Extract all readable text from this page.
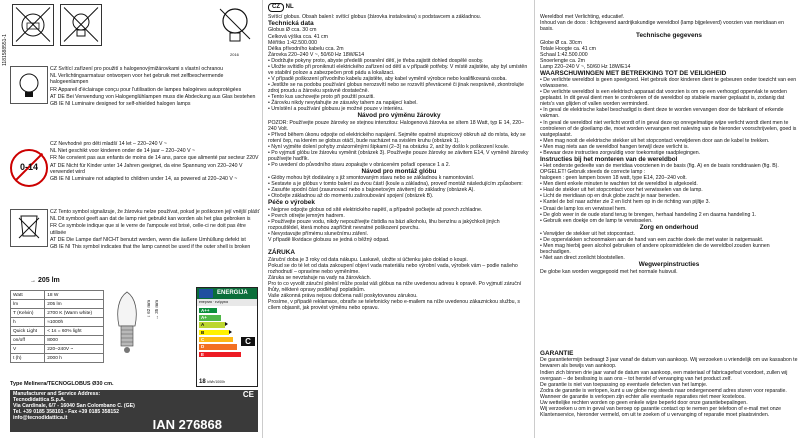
1181588551-1	2016

CZ Svítící zařízení pro použití s halogenovýmižárovkami s vlastní ochranou

NL Verlichtingsarmatuur ontworpen voor het gebruik met zelfbeschermende halogeenlampen

FR Appareil d'éclairage conçu pour l'utilisation de lampes halogènes autoprotégées

AT DE Bei Verwendung von Halogenglühlampen muss die Abdeckung aus Glas bestehen

GB IE NI Luminaire designed for self-shielded halogen lamps

0-14

CZ Nevhodné pro děti mladší 14 let – 220–240 V ~

NL Niet geschikt voor kinderen onder de 14 jaar – 220–240 V ~

FR Ne convient pas aux enfants de moins de 14 ans, parce que alimenté par secteur 220V

AT DE Nicht für Kinder unter 14 Jahren geeignet, da eine Spannung von 220–240 V verwendet wird

GB IE NI Luminaire not adapted to children under 14, as powered at 220–240 V ~

CZ Tento symbol signalizuje, že žárovku nelze používat, pokud je poškozen její vnější plášť

NL Dit symbool geeft aan dat de lamp niet gebruikt kan worden als het glas gebroken is

FR Ce symbole indique que si le verre de l'ampoule est brisé, celle-ci ne doit pas être utilisée

AT DE Die Lampe darf NICHT benutzt werden, wenn die äußere Umhüllung defekt ist

GB IE NI This symbol indicates that the lamp cannot be used if the outer shell is broken

→ 205 lm
Watt	18 W
lm	205 lm
T (Kelvin)	2700 K (Warm white)
h	≈1000h
Quick Light	< 1s = 60% light
on/off	8000
V	220–240V ~
t (h)	2000 h
↕ 62 mm ↔ 35 mm
ENERGIJA
енергия · ενέργεια
A++
A+
A
B
C	C
D
E
18 kWh/1000h
Type Melinera/TECNOGLOBUS Ø30 cm.
Manufacturer and Service Address:
Tecnodidattica S.p.A.
Via Cardinale, 6/7 - 16040 San Colombano C. (GE)
Tel. +39 0185 358101 - Fax +39 0185 358152
info@tecnodidattica.it	IAN 276868
CE
CZ NL

Svítící globus. Obsah balení: svítící globus (žárovka instalována) s podstavcem a základnou.

Technická data

Globus Ø cca. 30 cm

Celková výška cca. 41 cm

Měřítko 1:42.500.000

Délka přívodního kabelu cca. 2m

Žárovka 220–240 V ~, 50/60 Hz 18W/E14

• Dodržujte pokyny proto, abyste předešli poranění dětí, je třeba zajistit dohled dospělé osoby.

• Uložte svítidlo při proniknutí elektrického zařízení od dětí a v případě potřeby. V místě zajistěte, aby byl umístěn ve stabilní poloze a zabezpečen proti pádu a lokalizaci.

• V případě poškození přívodního kabelu zajistěte, aby kabel vyměnil výrobce nebo kvalifikovaná osoba.

• Jestliže se na podobu používání globus nerozsvítí nebo se rozsvítí převrácené či jinak nesprávně, zkontrolujte zdroj proudu a žárovku správně dostatečně.

• Tento kus uschovejte proto při použití pouziti.

• Žárovku nikdy nevytahujte ze zásuvky tahem za napájecí kabel.

• Umístění a používání globusu je možné pouze v interiéru.

Návod pro výměnu žárovky

POZOR: Používejte pouze žárovky se stejnou intenzitou: Halogenová žárovka se sítem 18 Watt, typ E 14, 220–240 Volt.

• Přívod během úkonu odpojte od elektrického napájení. Sejměte opatrně stupnicový obkruh až do místa, kdy se rotení čep, na kterém se globus otáčí, bude nacházet na svislém kruhu (obrázek 1).

• Nyní vyjměte dolení pohyby znázorněnými šipkami (2–3) na obrázku 2, anž by došlo k poškození koule.

• Po vyjmutí glóbu lze žárovku vyměnit (obrázek 3). Používejte pouze žárovky se závitem E14, V vyměně žárovky používejte hadřík.

• Po uvedení do původního stavu zopakujte v obráceném pořadí operace 1 a 2.

Návod pro montáž glóbu

• Glóby mohou být dodávány s již smontovaným stavu nebo se základnou k namontování.

• Sestavte a je glóbus v tomto balení za dvou částí (koule a základna), proveď montáž následujícím způsobem:

• Zasuňte spodní část (zasunovací nebo s bajonetovým závitem) do základny (obrázek A).

• Otočejte základnou až do momentu zašroubování spojení (obrázek B).

Péče o výrobek

• Nejprve odpojte globus od sítě elektrického napětí, a případně počkejte až povrch zchladne.

• Povrch otírejte jemným hadrem.

• Používejte pouze vodu, nikdy nepoužívejte čistidla na bázi alkoholu, lihu benzínu a jakýchkoli jiných rozpouštědel, která mohou zapříčinit nevratné poškození povrchu.

• Nevystavujte přímému slunečnímu záření.

V případě likvidace globusu se jedná o běžný odpad.

ZÁRUKA

Záruční doba je 3 roky od data nákupu. Laskavě, uložte si účtenku jako doklad o koupi.

Pokud se do té let od data zakoupení objeví vada materiálu nebo výrobní vada, výrobek vám – podle našeho rozhodnutí – opravíme nebo vyměníme.

Záruka se nevztahuje na vady na žárovkách.

Pro to co vyvolit záruční plnění může poslat váš glóbus na níže uvedenou adresu k opravě. Po vyjmutí záruční lhůty, některé opravy podléhají poplatkům.

Vaše zákonná práva nejsou dotčena naší poskytovanou zárukou.

Prosíme, v případě reklamace, obraťte se telefonicky nebo e-mailem na níže uvedenou zákaznickou službu, s cílem objasnit, jak provést výměnu nebo opravu.

Wereldbol met Verlichting, educatief.

Inhoud van de doos : lichtgevend aardrijkskundige wereldbol (lamp bijgeleverd) voorzien van meridiaan en basis.

Technische gegevens

Globe Ø ca. 30cm

Totale Hoogte ca. 41 cm

Schaal 1:42.500.000

Snoerlengte ca. 2m

Lamp 220–240 V ~, 50/60 Hz 18W/E14

WAARSCHUWINGEN MET BETREKKING TOT DE VEILIGHEID

• De verlichte wereldbol is geen speelgoed. Het gebruik door kinderen dient te gebeuren onder toezicht van een volwassene.

• De verlichte wereldbol is een elektrisch apparaat dat voorzien is om op een verhoogd oppervlak te worden geplaatst. In dit geval dient men te controleren of de wereldbol op stabiele manier geplaatst is, zodanig dat niets's van glijden of vallen worden verminderd.

• In geval de elektrische kabel beschadigd is dient deze te worden vervangen door de fabrikant of erkende vakman.

• In geval de wereldbol niet verlicht wordt of in geval deze op onregelmatige wijze verlicht wordt dient men te controleren of de gloeilamp die, moet worden vervangen met naleving van de hieronder voorschrijvelen, goed is vastgeplaatst.

• Men mag nooit de elektrische stekker uit het stopcontact verwijderen door aan de kabel te trekken.

• Men mag niets aan de wereldbol hangen terwijl deze verlicht is.

• Bewaar deze instructies zorgvuldig voor toekomstige raadplegingen.

Instructies bij het monteren van de wereldbol

• Het onderste gedeelte van de meridiaa voorzienen in de basis (fig. A) en de basis rondtdraaien (fig. B).

OPGELET! Gebruik steeds de correcte lamp :

halogeen : geen lampen boven 18 watt, type E14, 220–240 volt.

• Men dient enkele minuten te wachten tot de wereldbol is afgekoeld.

• Haal de stekker uit het stopcontact voor het verwisselen van de lamp.

• Licht de meridiaan op en druk globe zacht je naar beneden.

• Kantel de bol naar achter zie 2 en licht hem op in de richting van pijltje 3.

• Draai de lamp los en verwissel hem.

• De glob weer in de oude stand terug te brengen, herhaal handeling 2 en daarna handeling 1.

• Gebruik een doekje om de lamp te verwisselen.

Zorg en onderhoud

• Verwijder de stekker uit het stopcontact.

• De oppervlakken schoonmaken aan de hand van een zachte doek die met water is natgemaakt.

• Men mag hierbij geen alcohol gebruiken of andere oplosmiddelen die de wereldbol zouden kunnen beschadigen.

• Niet aan direct zonlicht blootstellen.

Wegwerpinstructies

De globe kan worden weggegooid met het normale huisvuil.

GARANTIE

De garantietermijn bedraagt 3 jaar vanaf de datum van aankoop. Wij verzoeken u vriendelijk om uw kassabon te bewaren als bewijs van aankoop.

Indien zich binnen drie jaar vanaf de datum van aankoop, een materiaal of fabricagefout voordoet, zullen wij overgaan – de beslissing is aan ons – tot herstel of vervanging van het product zelf.

De garantie is niet van toepassing op eventuele defecten van het lampje.

Zodra de garantie is verlopen, kunt u uw globe nog steeds naar ondergenoemd adres sturen voor reparatie.

Wanneer de garantie is verlopen zijn echter alle eventuele reparaties niet meer kosteloos.

Uw wettelijke rechten worden op geen enkele wijze beperkt door onze garantiebepalingen.

Wij verzoeken u om in geval van beroep op garantie contact op te nemen per telefoon of e-mail met onze Klantenservice, hieronder vermeld, om uit te zoeken of u vervanging of reparatie moet plaatsvinden.
